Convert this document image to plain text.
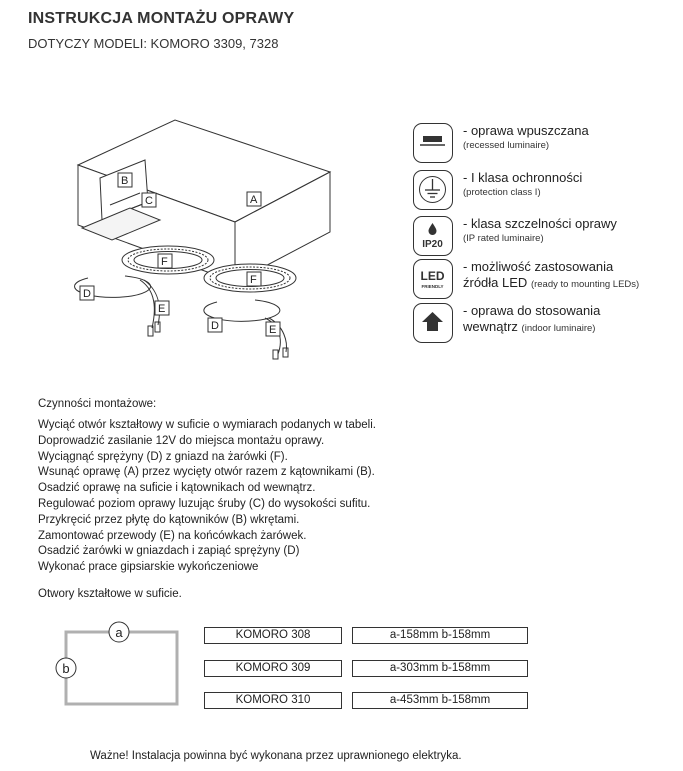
INSTRUKCJA MONTAŻU OPRAWY
DOTYCZY MODELI: KOMORO 3309, 7328
B
C	A
F
F
D
D
E
E
- oprawa wpuszczana
(recessed luminaire)
- I klasa ochronności
(protection class I)
IP20
- klasa szczelności oprawy
(IP rated luminaire)
LED
FRIENDLY
- możliwość zastosowania
źródła LED (ready to mounting LEDs)
- oprawa do stosowania
wewnątrz (indoor luminaire)
Czynności montażowe:
Wyciąć otwór kształtowy w suficie o wymiarach podanych w tabeli.
Doprowadzić zasilanie 12V do miejsca montażu oprawy.
Wyciągnąć sprężyny (D) z gniazd na żarówki (F).
Wsunąć oprawę (A) przez wycięty otwór razem z kątownikami (B).
Osadzić oprawę na suficie i kątownikach od wewnątrz.
Regulować poziom oprawy luzując śruby (C) do wysokości sufitu.
Przykręcić przez płytę do kątowników (B) wkrętami.
Zamontować przewody (E) na końcówkach żarówek.
Osadzić żarówki w gniazdach i zapiąć sprężyny (D)
Wykonać prace gipsiarskie wykończeniowe
Otwory kształtowe w suficie.
a
b
KOMORO 308	a-158mm b-158mm
KOMORO 309	a-303mm b-158mm
KOMORO 310	a-453mm b-158mm
Ważne! Instalacja powinna być wykonana przez uprawnionego elektryka.
